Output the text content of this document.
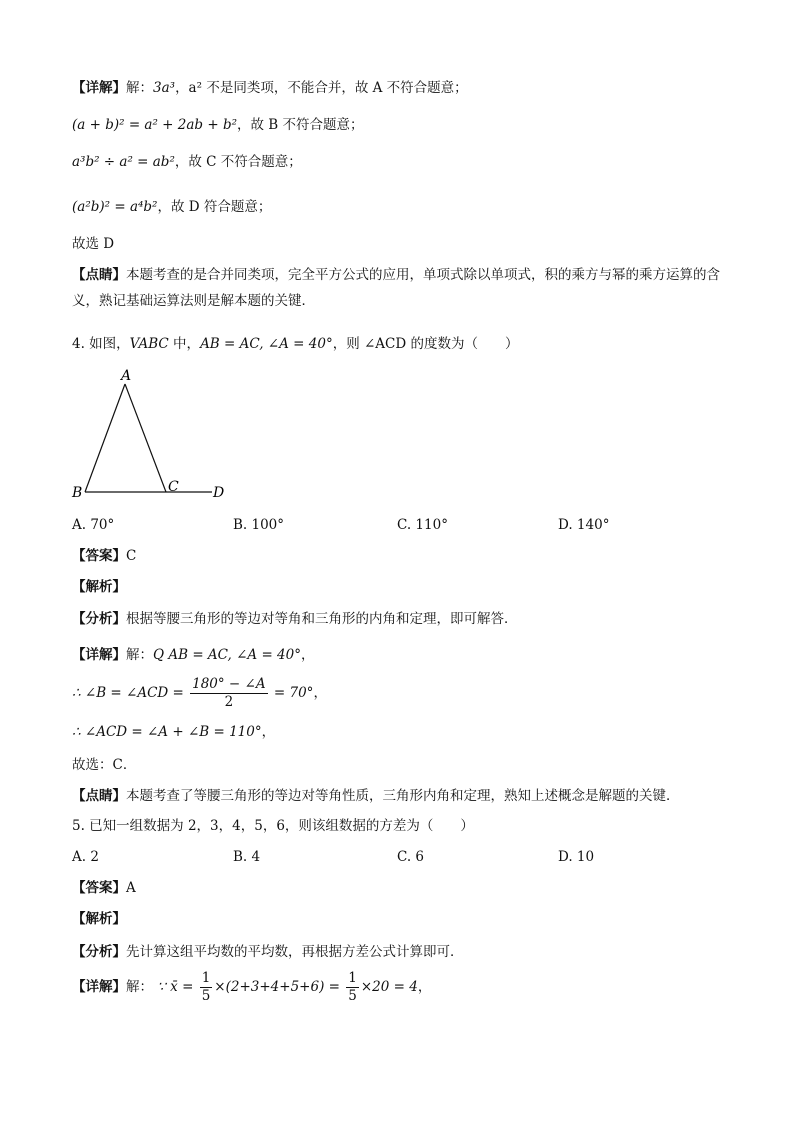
【详解】解：3a³，a² 不是同类项，不能合并，故 A 不符合题意；
(a + b)² = a² + 2ab + b²，故 B 不符合题意；
a³b² ÷ a² = ab²，故 C 不符合题意；
(a²b)² = a⁴b²，故 D 符合题意；
故选 D
【点睛】本题考查的是合并同类项，完全平方公式的应用，单项式除以单项式，积的乘方与幂的乘方运算的含义，熟记基础运算法则是解本题的关键．
4. 如图，VABC 中，AB = AC, ∠A = 40°，则 ∠ACD 的度数为（　　）
A
B	C D
A. 70°	B. 100°	C. 110°	D. 140°
【答案】C
【解析】
【分析】根据等腰三角形的等边对等角和三角形的内角和定理，即可解答．
【详解】解：Q AB = AC, ∠A = 40°，
∴ ∠B = ∠ACD = $\frac{180^\circ - \angle A}{2} = 70^\circ$，
∴ ∠ACD = ∠A + ∠B = 110°，
故选：C．
【点睛】本题考查了等腰三角形的等边对等角性质，三角形内角和定理，熟知上述概念是解题的关键．
5. 已知一组数据为 2，3，4，5，6，则该组数据的方差为（　　）
A. 2	B. 4	C. 6	D. 10
【答案】A
【解析】
【分析】先计算这组平均数的平均数，再根据方差公式计算即可．
【详解】解： ∵ x̄ = $\frac{1}{5} \times(2+3+4+5+6) = \frac{1}{5} \times 20 = 4$，
